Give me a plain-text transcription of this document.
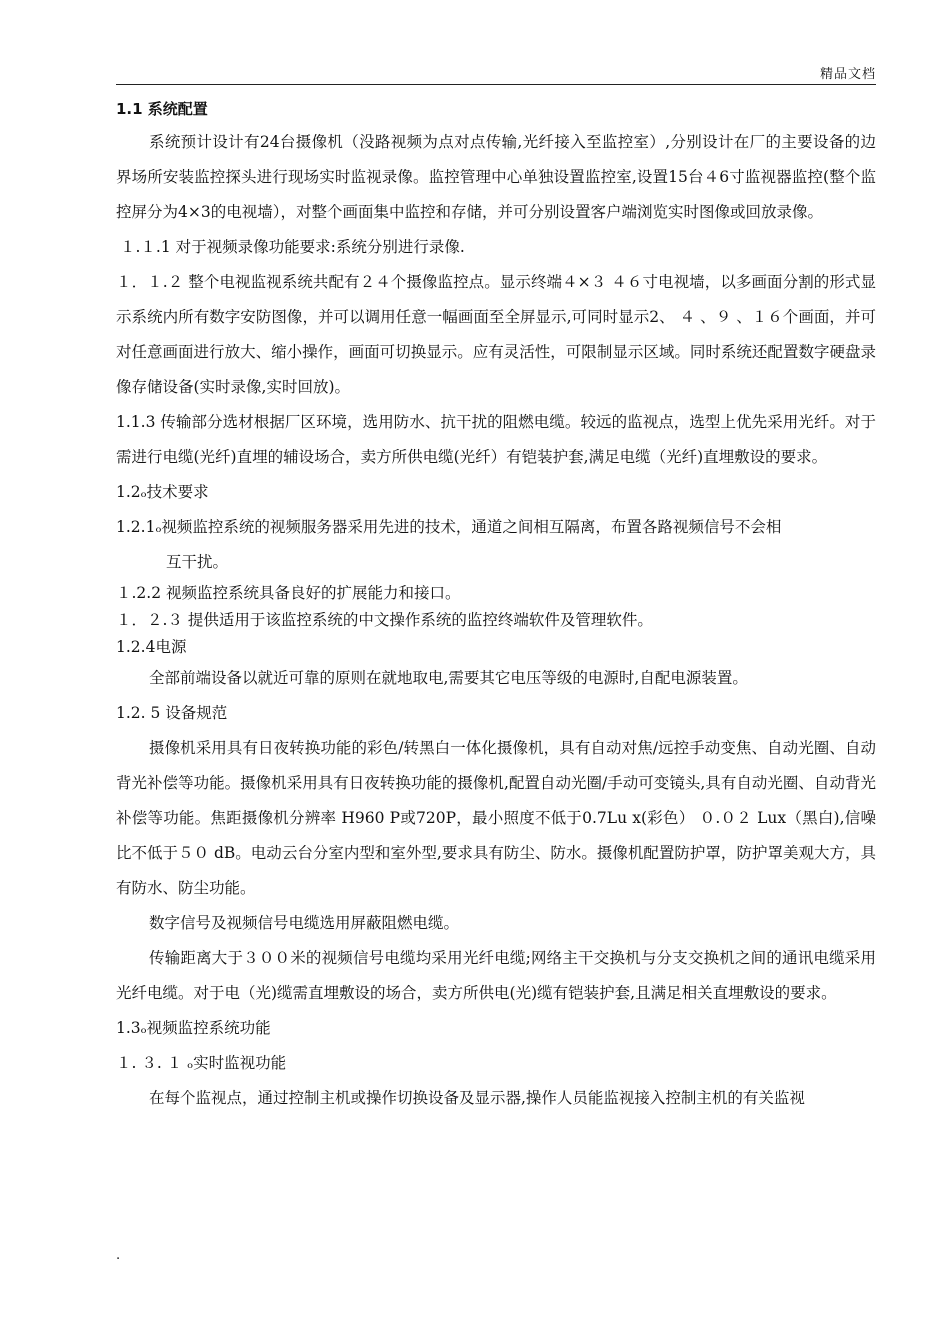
精品文档
1.1 系统配置

系统预计设计有24台摄像机（没路视频为点对点传输,光纤接入至监控室）,分别设计在厂的主要设备的边界场所安装监控探头进行现场实时监视录像。监控管理中心单独设置监控室,设置15台４6寸监视器监控(整个监控屏分为4×3的电视墙），对整个画面集中监控和存储，并可分别设置客户端浏览实时图像或回放录像。

１.１.1 对于视频录像功能要求:系统分别进行录像.

１．１.２ 整个电视监视系统共配有２４个摄像监控点。显示终端４×３ ４６寸电视墙，以多画面分割的形式显示系统内所有数字安防图像，并可以调用任意一幅画面至全屏显示,可同时显示2、 ４ 、９ 、１６个画面，并可对任意画面进行放大、缩小操作，画面可切换显示。应有灵活性，可限制显示区域。同时系统还配置数字硬盘录像存储设备(实时录像,实时回放)。

1.1.3 传输部分选材根据厂区环境，选用防水、抗干扰的阻燃电缆。较远的监视点，选型上优先采用光纤。对于需进行电缆(光纤)直埋的辅设场合，卖方所供电缆(光纤）有铠装护套,满足电缆（光纤)直埋敷设的要求。

1.2ₒ技术要求

1.2.1ₒ视频监控系统的视频服务器采用先进的技术，通道之间相互隔离，布置各路视频信号不会相

互干扰。

１.2.2 视频监控系统具备良好的扩展能力和接口。

１．２.３ 提供适用于该监控系统的中文操作系统的监控终端软件及管理软件。

1.2.4电源

全部前端设备以就近可靠的原则在就地取电,需要其它电压等级的电源时,自配电源装置。

1.2. 5 设备规范

摄像机采用具有日夜转换功能的彩色/转黑白一体化摄像机，具有自动对焦/远控手动变焦、自动光圈、自动背光补偿等功能。摄像机采用具有日夜转换功能的摄像机,配置自动光圈/手动可变镜头,具有自动光圈、自动背光补偿等功能。焦距摄像机分辨率 H960 P或720P，最小照度不低于0.7Lu x(彩色） ０.０２ Lux（黑白),信噪比不低于５０ dB。电动云台分室内型和室外型,要求具有防尘、防水。摄像机配置防护罩，防护罩美观大方，具有防水、防尘功能。

数字信号及视频信号电缆选用屏蔽阻燃电缆。

传输距离大于３００米的视频信号电缆均采用光纤电缆;网络主干交换机与分支交换机之间的通讯电缆采用光纤电缆。对于电（光)缆需直埋敷设的场合，卖方所供电(光)缆有铠装护套,且满足相关直埋敷设的要求。

1.3ₒ视频监控系统功能

１. ３. １ ₒ实时监视功能

在每个监视点，通过控制主机或操作切换设备及显示器,操作人员能监视接入控制主机的有关监视

.
